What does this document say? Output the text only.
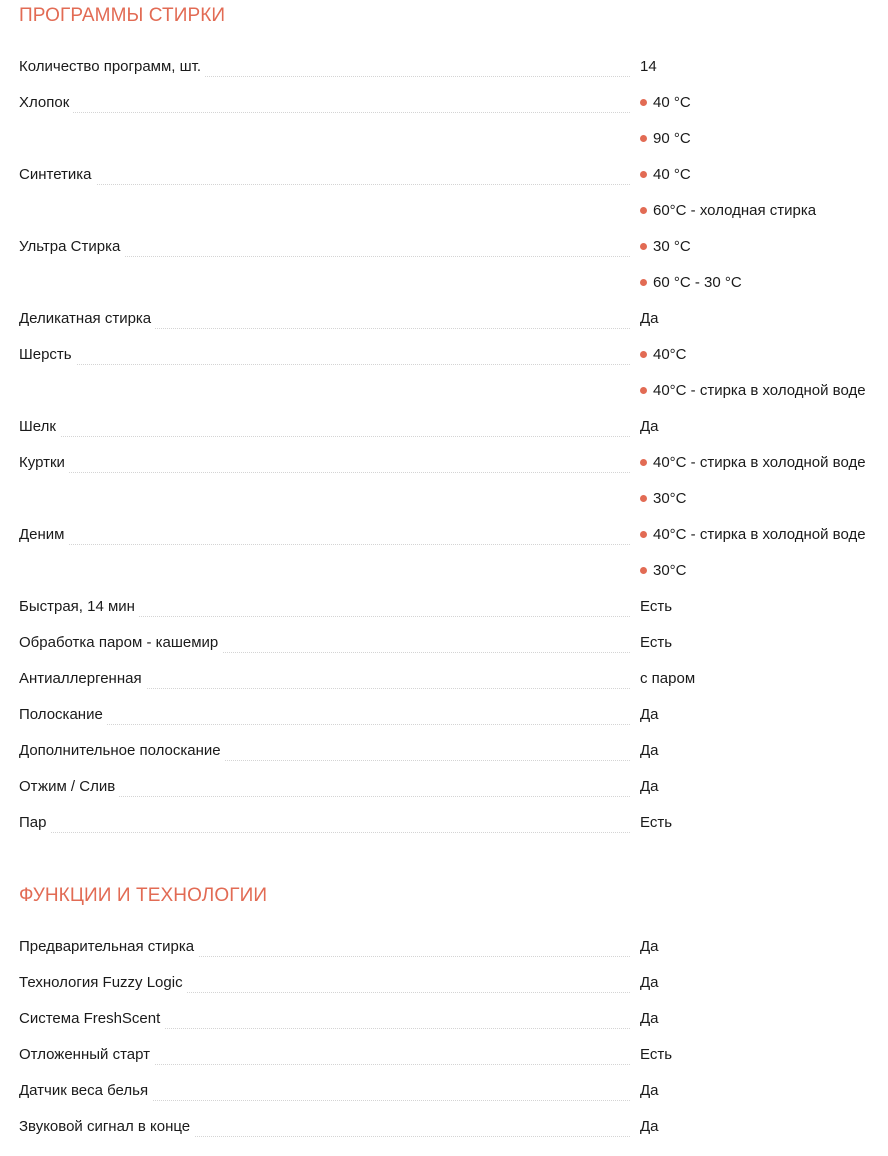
ПРОГРАММЫ СТИРКИ
Количество программ, шт.	14
Хлопок	40 °C
90 °C
Синтетика	40 °C
60°C - холодная стирка
Ультра Стирка	30 °C
60 °C - 30 °C
Деликатная стирка	Да
Шерсть	40°C
40°C - стирка в холодной воде
Шелк	Да
Куртки	40°C - стирка в холодной воде
30°C
Деним	40°C - стирка в холодной воде
30°C
Быстрая, 14 мин	Есть
Обработка паром - кашемир	Есть
Антиаллергенная	с паром
Полоскание	Да
Дополнительное полоскание	Да
Отжим / Слив	Да
Пар	Есть
ФУНКЦИИ И ТЕХНОЛОГИИ
Предварительная стирка	Да
Технология Fuzzy Logic	Да
Система FreshScent	Да
Отложенный старт	Есть
Датчик веса белья	Да
Звуковой сигнал в конце	Да
